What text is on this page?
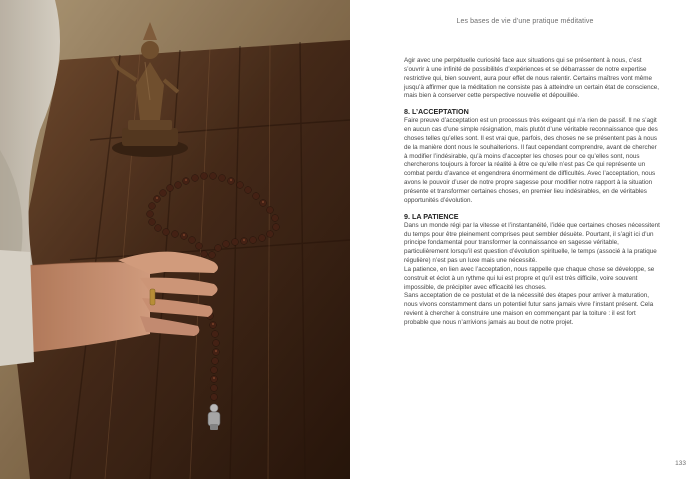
Les bases de vie d’une pratique méditative

Agir avec une perpétuelle curiosité face aux situations qui se présentent à nous, c’est s’ouvrir à une infinité de possibilités d’expériences et se débarrasser de notre expertise restrictive qui, bien souvent, aura pour effet de nous ralentir. Certains maîtres vont même jusqu’à affirmer que la méditation ne consiste pas à atteindre un certain état de conscience, mais bien à conserver cette perspective nouvelle et dépouillée.

8. L’ACCEPTATION

Faire preuve d’acceptation est un processus très exigeant qui n’a rien de passif. Il ne s’agit en aucun cas d’une simple résignation, mais plutôt d’une véritable reconnaissance que des choses telles qu’elles sont. Il est vrai que, parfois, des choses ne se présentent pas à nous de la manière dont nous le souhaiterions. Il faut cependant comprendre, avant de chercher à modifier l’indésirable, qu’à moins d’accepter les choses pour ce qu’elles sont, nous chercherons toujours à forcer la réalité à être ce qu’elle n’est pas Ce qui représente un combat perdu d’avance et engendrera énormément de difficultés. Avec l’acceptation, nous avons le pouvoir d’user de notre propre sagesse pour modifier notre rapport à la situation présente et transformer certaines choses, en premier lieu indésirables, en de véritables opportunités d’évolution.

9. LA PATIENCE

Dans un monde régi par la vitesse et l’instantanéité, l’idée que certaines choses nécessitent du temps pour être pleinement comprises peut sembler désuète. Pourtant, il s’agit ici d’un principe fondamental pour transformer la connaissance en sagesse véritable, particulièrement lorsqu’il est question d’évolution spirituelle, le temps (associé à la pratique régulière) n’est pas un luxe mais une nécessité.

La patience, en lien avec l’acceptation, nous rappelle que chaque chose se développe, se construit et éclot à un rythme qui lui est propre et qu’il est très difficile, voire souvent impossible, de précipiter avec efficacité les choses.

Sans acceptation de ce postulat et de la nécessité des étapes pour arriver à maturation, nous vivons constamment dans un potentiel futur sans jamais vivre l’instant présent. Cela revient à chercher à construire une maison en commençant par la toiture : il est fort probable que nous n’arrivions jamais au bout de notre projet.

133
